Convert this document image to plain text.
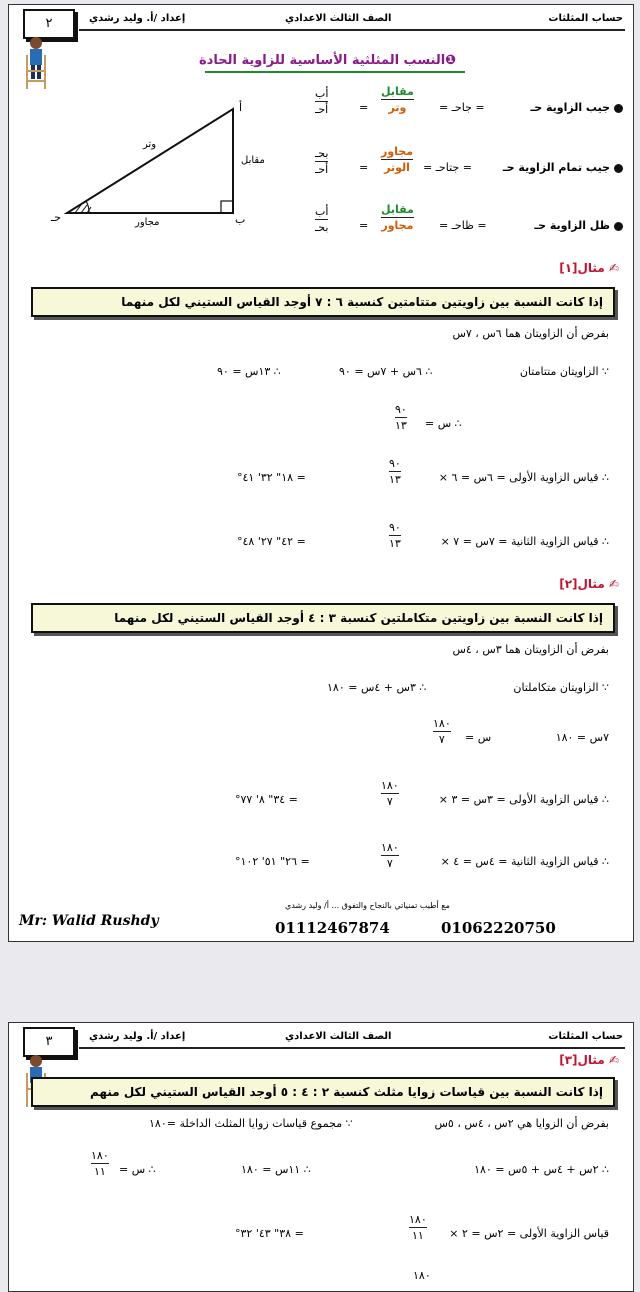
٢	إعداد /أ. وليد رشدي	الصف الثالث الاعدادي	حساب المثلثات
❶النسب المثلثية الأساسية للزاوية الحادة
أ
ب
حـ
وتر
مقابل
مجاور
جيب الزاوية حـ
= جاحـ =
$\frac{\text{مقابل}}{\text{وتر}}$
=
$\frac{\text{أب}}{\text{أحـ}}$
جيب تمام الزاوية حـ
= جتاحـ =
$\frac{\text{مجاور}}{\text{الوتر}}$
=
$\frac{\text{بحـ}}{\text{أحـ}}$
ظل الزاوية حـ
= ظاحـ =
$\frac{\text{مقابل}}{\text{مجاور}}$
=
$\frac{\text{أب}}{\text{بحـ}}$
✍ مثال[١]
إذا كانت النسبة بين زاويتين متتامتين كنسبة ٦ : ٧ أوجد القياس الستيني لكل منهما
بفرض أن الزاويتان هما ٦س ، ٧س
∵ الزاويتان متتامتان
∴ ٦س + ٧س = ٩٠
∴ ١٣س = ٩٠
∴ س =
$\frac{٩٠}{١٣}$
∴ قياس الزاوية الأولى = ٦س = ٦ ×
$\frac{٩٠}{١٣}$
= ١٨" ٣٢' ٤١°
∴ قياس الزاوية الثانية = ٧س = ٧ ×
$\frac{٩٠}{١٣}$
= ٤٢" ٢٧' ٤٨°
✍ مثال[٢]
إذا كانت النسبة بين زاويتين متكاملتين كنسبة ٣ : ٤ أوجد القياس الستيني لكل منهما
بفرض أن الزاويتان هما ٣س ، ٤س
∵ الزاويتان متكاملتان
∴ ٣س + ٤س = ١٨٠
٧س = ١٨٠
س =
$\frac{١٨٠}{٧}$
∴ قياس الزاوية الأولى = ٣س = ٣ ×
$\frac{١٨٠}{٧}$
= ٣٤" ٨' ٧٧°
∴ قياس الزاوية الثانية = ٤س = ٤ ×
$\frac{١٨٠}{٧}$
= ٢٦" ٥١' ١٠٢°
مع أطيب تمنياتي بالنجاح والتفوق ... أ/ وليد رشدي
Mr: Walid Rushdy	01112467874	01062220750
٣	إعداد /أ. وليد رشدي	الصف الثالث الاعدادي	حساب المثلثات
✍ مثال[٣]
إذا كانت النسبة بين قياسات زوايا مثلث كنسبة ٢ : ٤ : ٥ أوجد القياس الستيني لكل منهم
بفرض أن الزوايا هي ٢س ، ٤س ، ٥س
∵ مجموع قياسات زوايا المثلث الداخلة =١٨٠
∴ ٢س + ٤س + ٥س = ١٨٠
∴ ١١س = ١٨٠
∴ س =
$\frac{١٨٠}{١١}$
قياس الزاوية الأولى = ٢س = ٢ ×
$\frac{١٨٠}{١١}$
= ٣٨" ٤٣' ٣٢°
١٨٠
